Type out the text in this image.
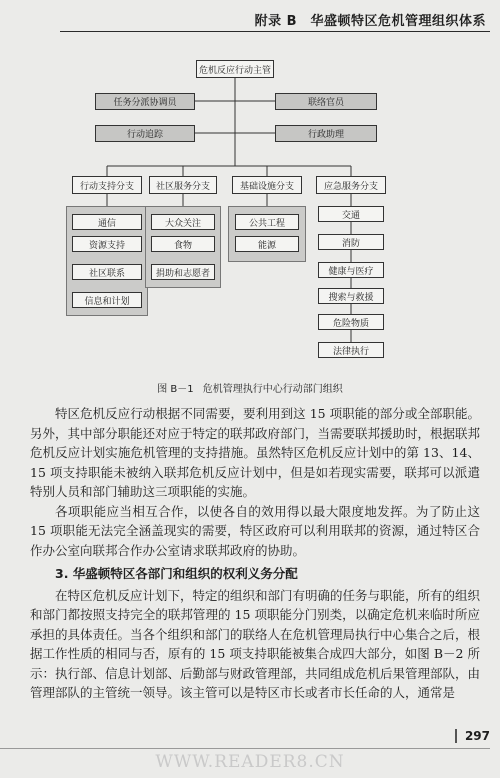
附录 B　华盛顿特区危机管理组织体系
危机反应行动主管
任务分派协调员
行动追踪
联络官员
行政助理
行动支持分支	社区服务分支	基础设施分支	应急服务分支
通信
资源支持
社区联系
信息和计划
大众关注
食物
捐助和志愿者
公共工程
能源
交通
消防
健康与医疗
搜索与救援
危险物质
法律执行
图 B－1 危机管理执行中心行动部门组织

特区危机反应行动根据不同需要，要利用到这 15 项职能的部分或全部职能。另外，其中部分职能还对应于特定的联邦政府部门，当需要联邦援助时，根据联邦危机反应计划实施危机管理的支持措施。虽然特区危机反应计划中的第 13、14、15 项支持职能未被纳入联邦危机反应计划中，但是如若现实需要，联邦可以派遣特别人员和部门辅助这三项职能的实施。

各项职能应当相互合作，以使各自的效用得以最大限度地发挥。为了防止这 15 项职能无法完全涵盖现实的需要，特区政府可以利用联邦的资源，通过特区合作办公室向联邦合作办公室请求联邦政府的协助。

3. 华盛顿特区各部门和组织的权利义务分配

在特区危机反应计划下，特定的组织和部门有明确的任务与职能，所有的组织和部门都按照支持完全的联邦管理的 15 项职能分门别类，以确定危机来临时所应承担的具体责任。当各个组织和部门的联络人在危机管理局执行中心集合之后，根据工作性质的相同与否，原有的 15 项支持职能被集合成四大部分，如图 B－2 所示：执行部、信息计划部、后勤部与财政管理部，共同组成危机后果管理部队，由管理部队的主管统一领导。该主管可以是特区市长或者市长任命的人，通常是

297
WWW.READER8.CN
